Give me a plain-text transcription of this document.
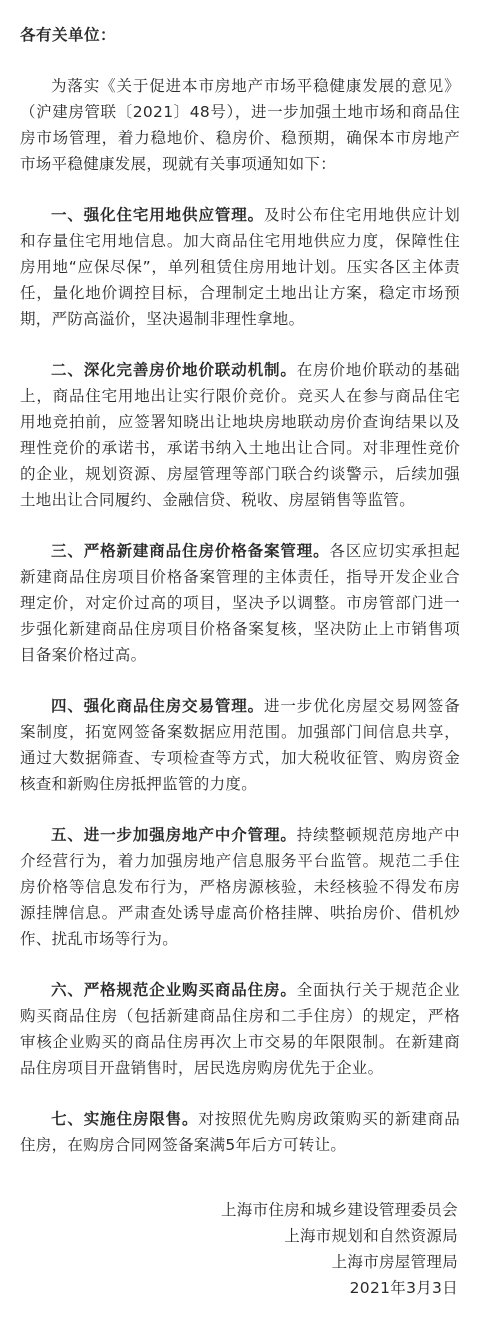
各有关单位：

为落实《关于促进本市房地产市场平稳健康发展的意见》（沪建房管联〔2021〕48号），进一步加强土地市场和商品住房市场管理，着力稳地价、稳房价、稳预期，确保本市房地产市场平稳健康发展，现就有关事项通知如下：

一、强化住宅用地供应管理。及时公布住宅用地供应计划和存量住宅用地信息。加大商品住宅用地供应力度，保障性住房用地“应保尽保”，单列租赁住房用地计划。压实各区主体责任，量化地价调控目标，合理制定土地出让方案，稳定市场预期，严防高溢价，坚决遏制非理性拿地。

二、深化完善房价地价联动机制。在房价地价联动的基础上，商品住宅用地出让实行限价竞价。竞买人在参与商品住宅用地竞拍前，应签署知晓出让地块房地联动房价查询结果以及理性竞价的承诺书，承诺书纳入土地出让合同。对非理性竞价的企业，规划资源、房屋管理等部门联合约谈警示，后续加强土地出让合同履约、金融信贷、税收、房屋销售等监管。

三、严格新建商品住房价格备案管理。各区应切实承担起新建商品住房项目价格备案管理的主体责任，指导开发企业合理定价，对定价过高的项目，坚决予以调整。市房管部门进一步强化新建商品住房项目价格备案复核，坚决防止上市销售项目备案价格过高。

四、强化商品住房交易管理。进一步优化房屋交易网签备案制度，拓宽网签备案数据应用范围。加强部门间信息共享，通过大数据筛查、专项检查等方式，加大税收征管、购房资金核查和新购住房抵押监管的力度。

五、进一步加强房地产中介管理。持续整顿规范房地产中介经营行为，着力加强房地产信息服务平台监管。规范二手住房价格等信息发布行为，严格房源核验，未经核验不得发布房源挂牌信息。严肃查处诱导虚高价格挂牌、哄抬房价、借机炒作、扰乱市场等行为。

六、严格规范企业购买商品住房。全面执行关于规范企业购买商品住房（包括新建商品住房和二手住房）的规定，严格审核企业购买的商品住房再次上市交易的年限限制。在新建商品住房项目开盘销售时，居民选房购房优先于企业。

七、实施住房限售。对按照优先购房政策购买的新建商品住房，在购房合同网签备案满5年后方可转让。

上海市住房和城乡建设管理委员会
上海市规划和自然资源局
上海市房屋管理局
2021年3月3日
